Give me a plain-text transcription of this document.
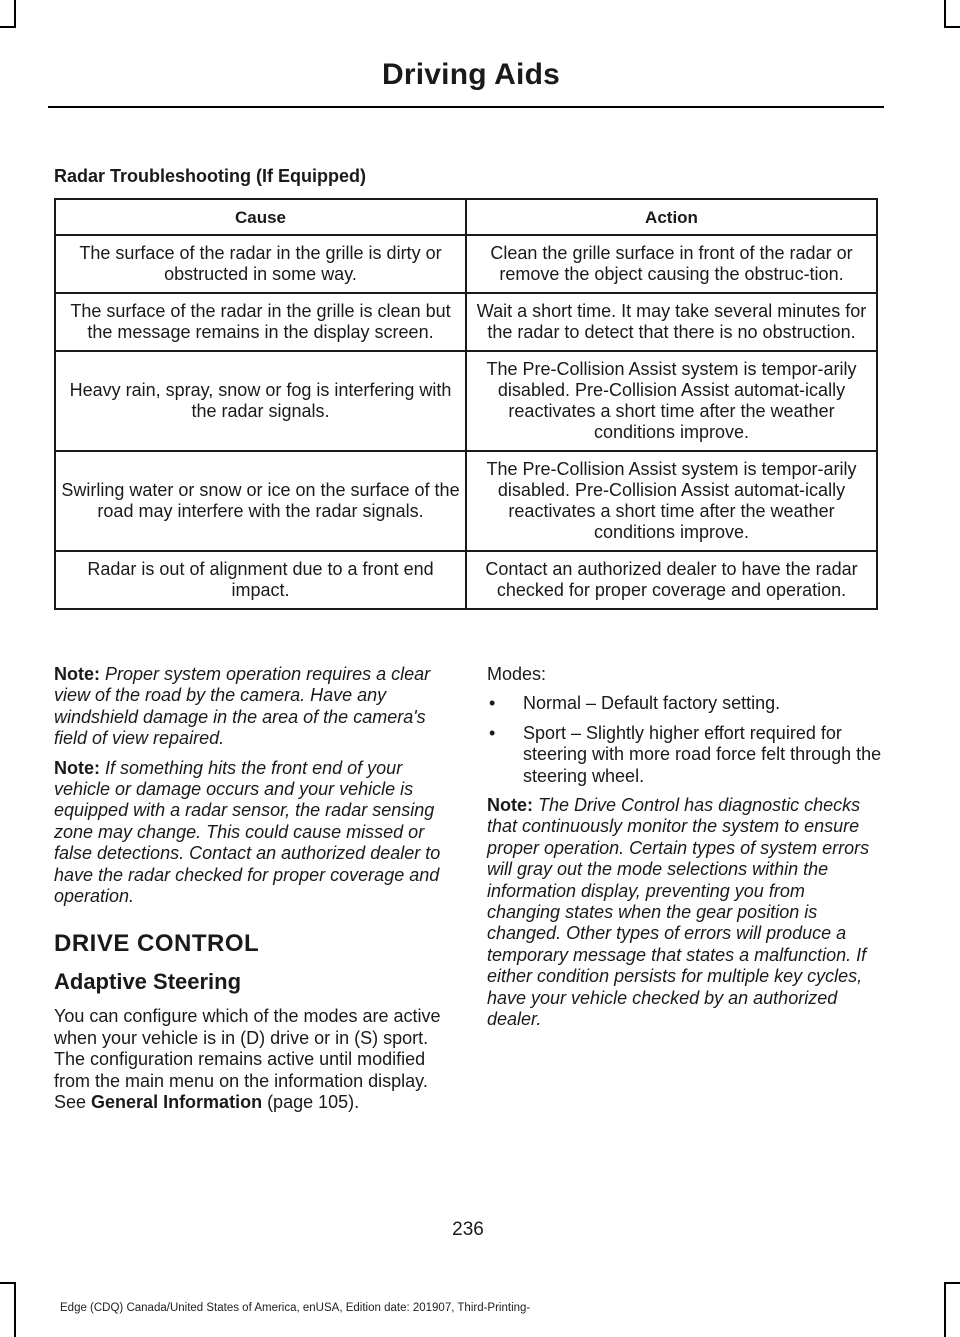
Driving Aids
Radar Troubleshooting (If Equipped)
Cause	Action
The surface of the radar in the grille is dirty or obstructed in some way.	Clean the grille surface in front of the radar or remove the object causing the obstruc-tion.
The surface of the radar in the grille is clean but the message remains in the display screen.	Wait a short time. It may take several minutes for the radar to detect that there is no obstruction.
Heavy rain, spray, snow or fog is interfering with the radar signals.	The Pre-Collision Assist system is tempor-arily disabled. Pre-Collision Assist automat-ically reactivates a short time after the weather conditions improve.
Swirling water or snow or ice on the surface of the road may interfere with the radar signals.	The Pre-Collision Assist system is tempor-arily disabled. Pre-Collision Assist automat-ically reactivates a short time after the weather conditions improve.
Radar is out of alignment due to a front end impact.	Contact an authorized dealer to have the radar checked for proper coverage and operation.

Note: Proper system operation requires a clear view of the road by the camera. Have any windshield damage in the area of the camera's field of view repaired.

Note: If something hits the front end of your vehicle or damage occurs and your vehicle is equipped with a radar sensor, the radar sensing zone may change. This could cause missed or false detections. Contact an authorized dealer to have the radar checked for proper coverage and operation.

DRIVE CONTROL
Adaptive Steering

You can configure which of the modes are active when your vehicle is in (D) drive or in (S) sport. The configuration remains active until modified from the main menu on the information display. See General Information (page 105).

Modes:

•	Normal – Default factory setting.
•	Sport – Slightly higher effort required for steering with more road force felt through the steering wheel.

Note: The Drive Control has diagnostic checks that continuously monitor the system to ensure proper operation. Certain types of system errors will gray out the mode selections within the information display, preventing you from changing states when the gear position is changed. Other types of errors will produce a temporary message that states a malfunction. If either condition persists for multiple key cycles, have your vehicle checked by an authorized dealer.

236
Edge (CDQ) Canada/United States of America, enUSA, Edition date: 201907, Third-Printing-
